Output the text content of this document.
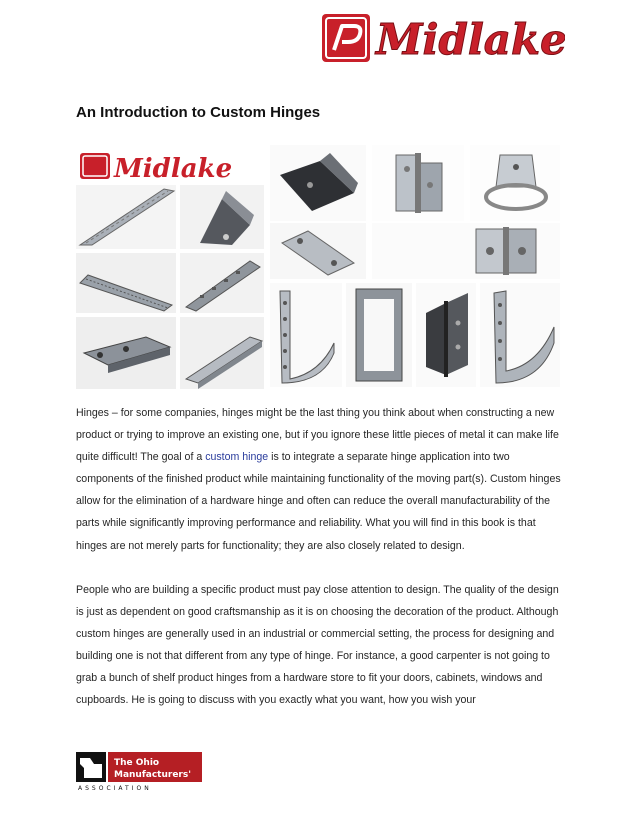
Midlake
An Introduction to Custom Hinges
Midlake

Hinges – for some companies, hinges might be the last thing you think about when constructing a new product or trying to improve an existing one, but if you ignore these little pieces of metal it can make life quite difficult! The goal of a custom hinge is to integrate a separate hinge application into two components of the finished product while maintaining functionality of the moving part(s). Custom hinges allow for the elimination of a hardware hinge and often can reduce the overall manufacturability of the parts while significantly improving performance and reliability. What you will find in this book is that hinges are not merely parts for functionality; they are also closely related to design.

People who are building a specific product must pay close attention to design. The quality of the design is just as dependent on good craftsmanship as it is on choosing the decoration of the product. Although custom hinges are generally used in an industrial or commercial setting, the process for designing and building one is not that different from any type of hinge. For instance, a good carpenter is not going to grab a bunch of shelf product hinges from a hardware store to fit your doors, cabinets, windows and cupboards. He is going to discuss with you exactly what you want, how you wish your

The Ohio
Manufacturers'
ASSOCIATION
